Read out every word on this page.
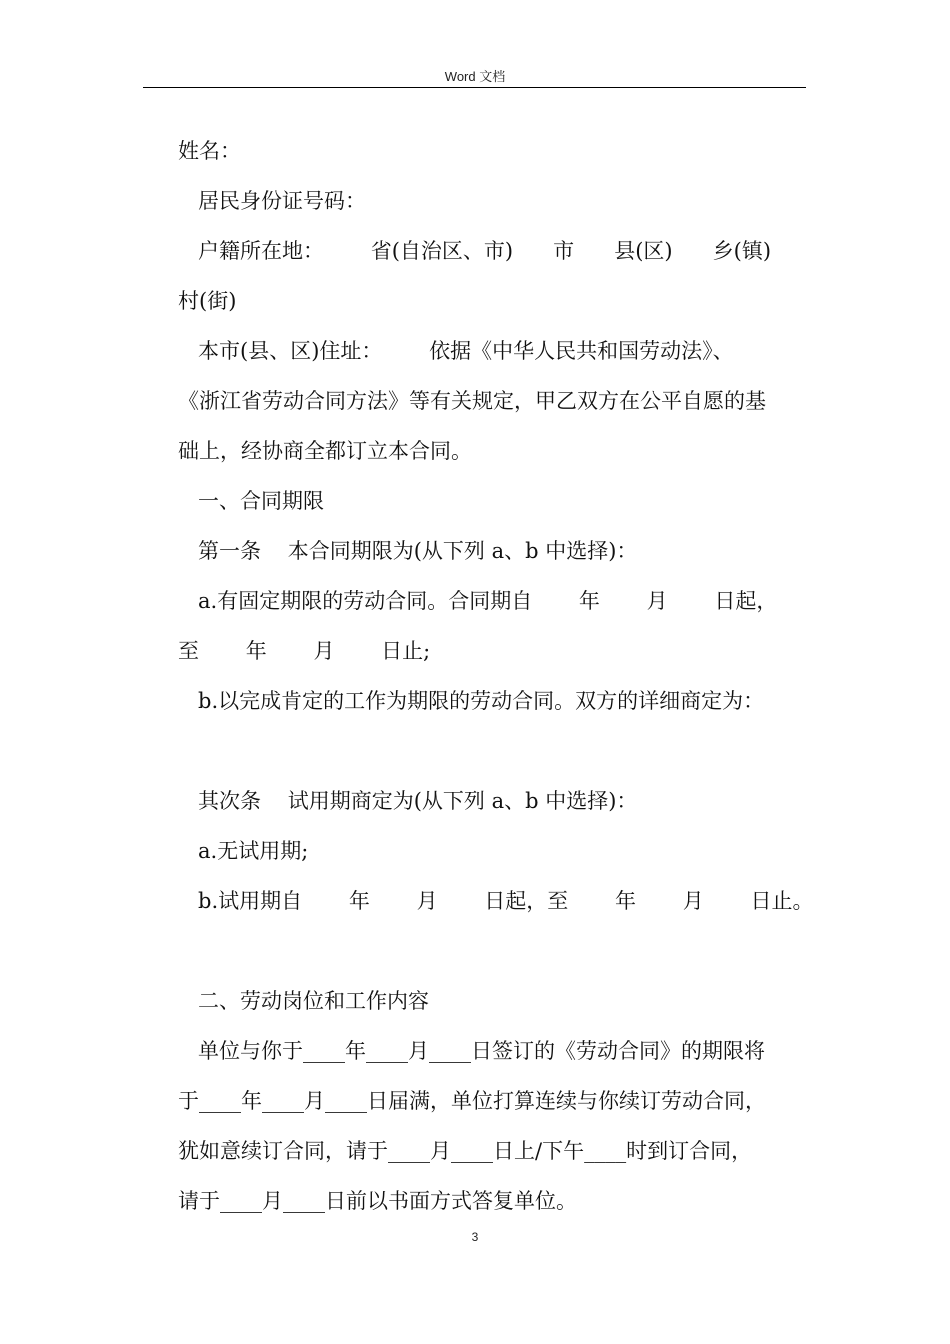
Word 文档
姓名：
居民身份证号码：
户籍所在地：       省(自治区、市)      市      县(区)      乡(镇)
村(街)
本市(县、区)住址：       依据《中华人民共和国劳动法》、
《浙江省劳动合同方法》等有关规定，甲乙双方在公平自愿的基
础上，经协商全都订立本合同。
一、合同期限
第一条    本合同期限为(从下列 a、b 中选择)：
a.有固定期限的劳动合同。合同期自       年       月       日起，
至       年       月       日止;
b.以完成肯定的工作为期限的劳动合同。双方的详细商定为：
其次条    试用期商定为(从下列 a、b 中选择)：
a.无试用期;
b.试用期自       年       月       日起，至       年       月       日止。
二、劳动岗位和工作内容
单位与你于____年____月____日签订的《劳动合同》的期限将
于____年____月____日届满，单位打算连续与你续订劳动合同，
犹如意续订合同，请于____月____日上/下午____时到订合同，
请于____月____日前以书面方式答复单位。
3
